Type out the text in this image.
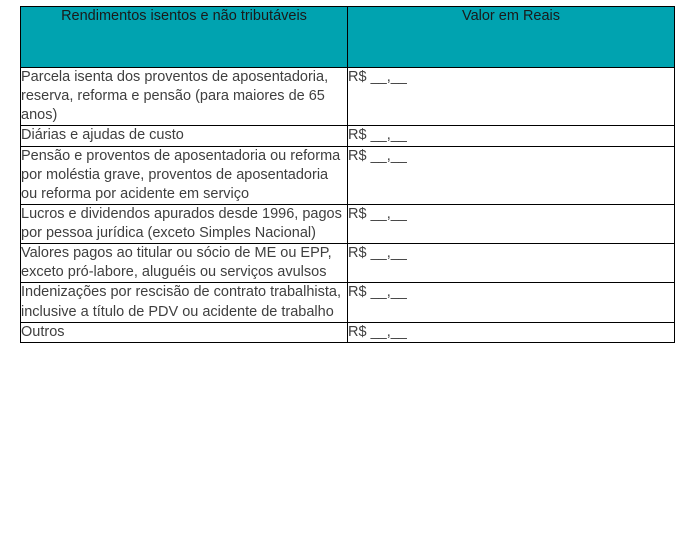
Rendimentos isentos e não tributáveis	Valor em Reais
Parcela isenta dos proventos de aposentadoria, reserva, reforma e pensão (para maiores de 65 anos)	R$ __,__
Diárias e ajudas de custo	R$ __,__
Pensão e proventos de aposentadoria ou reforma por moléstia grave, proventos de aposentadoria ou reforma por acidente em serviço	R$ __,__
Lucros e dividendos apurados desde 1996, pagos por pessoa jurídica (exceto Simples Nacional)	R$ __,__
Valores pagos ao titular ou sócio de ME ou EPP, exceto pró-labore, aluguéis ou serviços avulsos	R$ __,__
Indenizações por rescisão de contrato trabalhista, inclusive a título de PDV ou acidente de trabalho	R$ __,__
Outros	R$ __,__
